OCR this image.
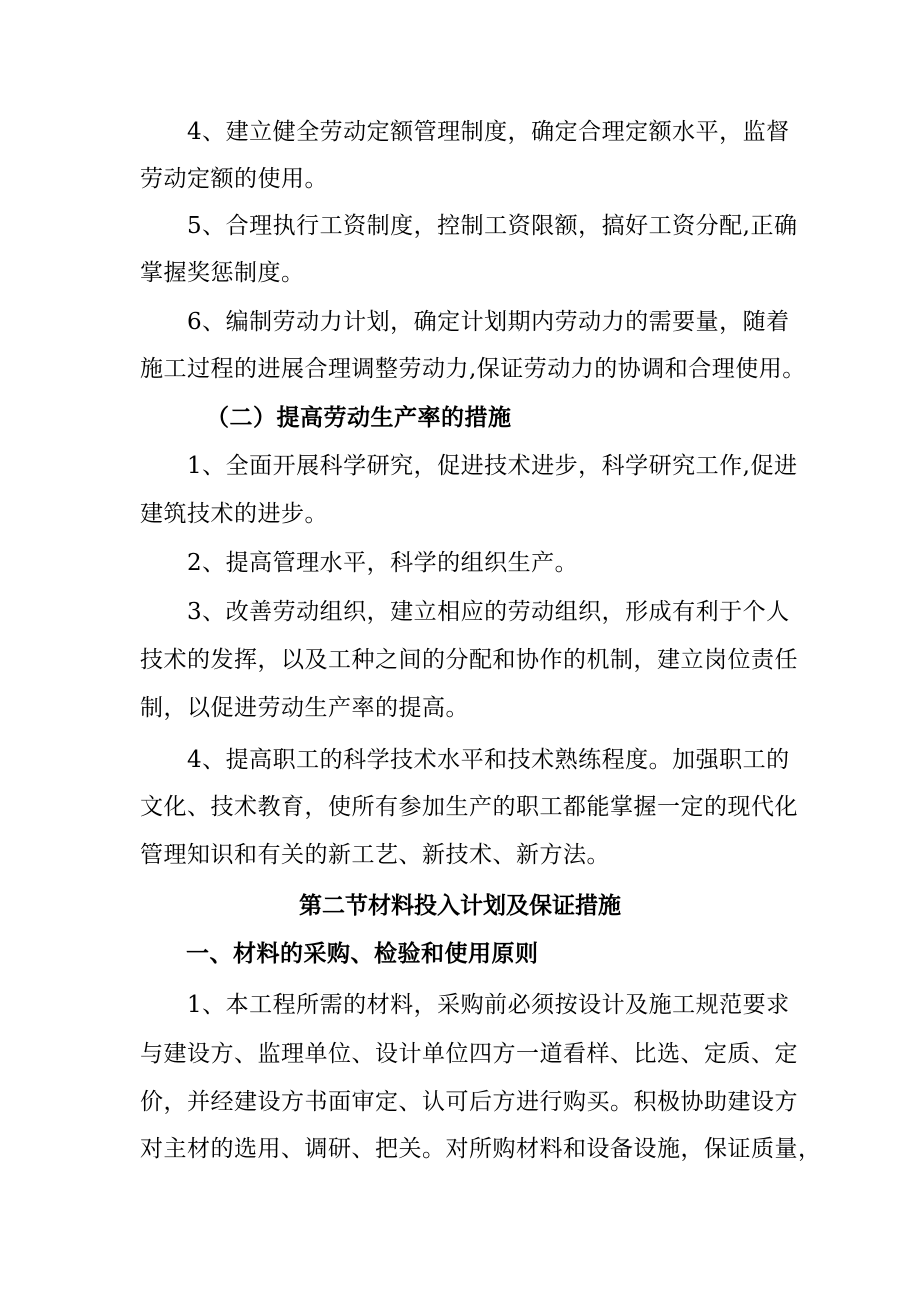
4、建立健全劳动定额管理制度，确定合理定额水平，监督
劳动定额的使用。
5、合理执行工资制度，控制工资限额，搞好工资分配,正确
掌握奖惩制度。
6、编制劳动力计划，确定计划期内劳动力的需要量，随着
施工过程的进展合理调整劳动力,保证劳动力的协调和合理使用。
（二）提高劳动生产率的措施
1、全面开展科学研究，促进技术进步，科学研究工作,促进
建筑技术的进步。
2、提高管理水平，科学的组织生产。
3、改善劳动组织，建立相应的劳动组织，形成有利于个人
技术的发挥，以及工种之间的分配和协作的机制，建立岗位责任
制，以促进劳动生产率的提高。
4、提高职工的科学技术水平和技术熟练程度。加强职工的
文化、技术教育，使所有参加生产的职工都能掌握一定的现代化
管理知识和有关的新工艺、新技术、新方法。
第二节材料投入计划及保证措施
一、材料的采购、检验和使用原则
1、本工程所需的材料，采购前必须按设计及施工规范要求
与建设方、监理单位、设计单位四方一道看样、比选、定质、定
价，并经建设方书面审定、认可后方进行购买。积极协助建设方
对主材的选用、调研、把关。对所购材料和设备设施，保证质量，
